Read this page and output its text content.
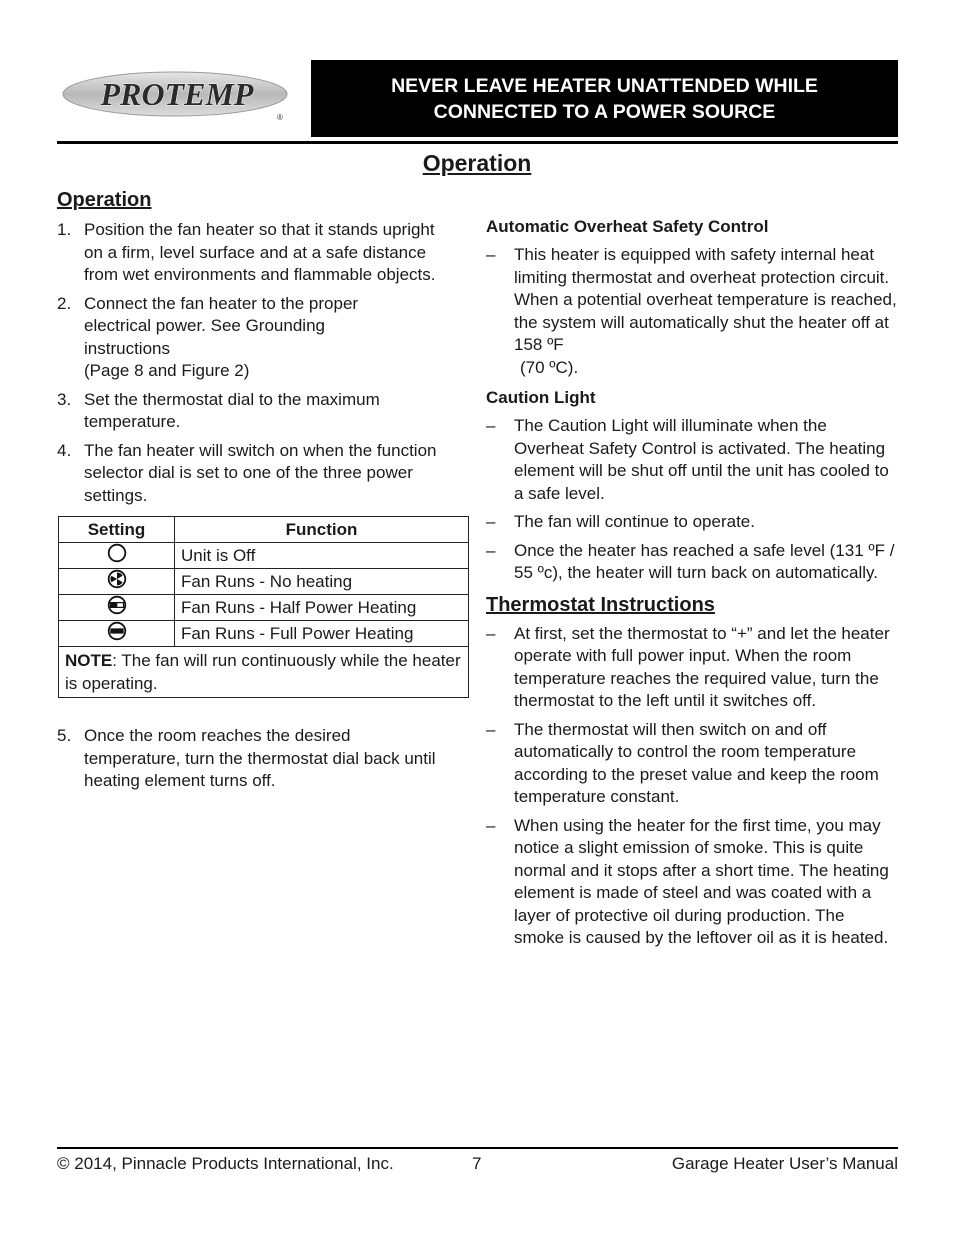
PROTEMP
®
NEVER LEAVE HEATER UNATTENDED WHILE
CONNECTED TO A POWER SOURCE
Operation
Operation
1. Position the fan heater so that it stands upright on a firm, level surface and at a safe distance from wet environments and flammable objects.
2. Connect the fan heater to the proper electrical power. See Grounding instructions
(Page 8 and Figure 2)
3. Set the thermostat dial to the maximum temperature.
4. The fan heater will switch on when the function selector dial is set to one of the three power settings.
Setting	Function
	Unit is Off
	Fan Runs - No heating
	Fan Runs - Half Power Heating
	Fan Runs - Full Power Heating
NOTE: The fan will run continuously while the heater is operating.	
5. Once the room reaches the desired temperature, turn the thermostat dial back until heating element turns off.
Automatic Overheat Safety Control
–	This heater is equipped with safety internal heat limiting thermostat and overheat protection circuit. When a potential overheat temperature is reached, the system will automatically shut the heater off at 158 ºF
(70 ºC).
Caution Light
–	The Caution Light will illuminate when the Overheat Safety Control is activated. The heating element will be shut off until the unit has cooled to a safe level.
–	The fan will continue to operate.
–	Once the heater has reached a safe level (131 ºF / 55 ºc), the heater will turn back on automatically.
Thermostat Instructions
–	At first, set the thermostat to “+” and let the heater operate with full power input. When the room temperature reaches the required value, turn the thermostat to the left until it switches off.
–	The thermostat will then switch on and off automatically to control the room temperature according to the preset value and keep the room temperature constant.
–	When using the heater for the first time, you may notice a slight emission of smoke. This is quite normal and it stops after a short time. The heating element is made of steel and was coated with a layer of protective oil during production. The smoke is caused by the leftover oil as it is heated.
© 2014, Pinnacle Products International, Inc.	7	Garage Heater User’s Manual
